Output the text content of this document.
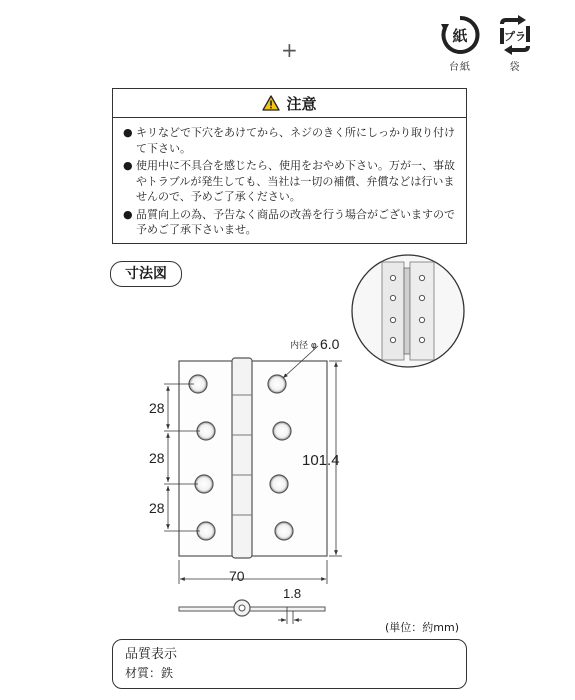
紙
台紙
プラ
袋
+
注意
● キリなどで下穴をあけてから、ネジのきく所にしっかり取り付けて下さい。
● 使用中に不具合を感じたら、使用をおやめ下さい。万が一、事故やトラブルが発生しても、当社は一切の補償、弁償などは行いませんので、予めご了承ください。
● 品質向上の為、予告なく商品の改善を行う場合がございますので予めご了承下さいませ。
寸法図
内径 φ 6.0
28
28
28
101.4
70
1.8
(単位：約mm)
品質表示
材質：鉄
